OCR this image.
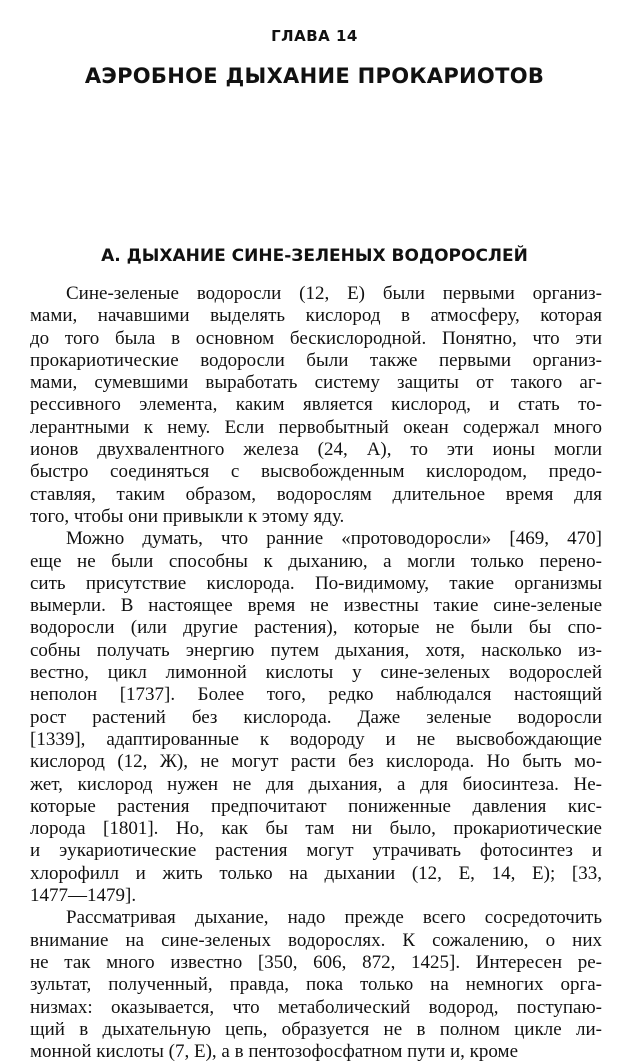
ГЛАВА 14
АЭРОБНОЕ ДЫХАНИЕ ПРОКАРИОТОВ
А. ДЫХАНИЕ СИНЕ-ЗЕЛЕНЫХ ВОДОРОСЛЕЙ
Сине-зеленые водоросли (12, Е) были первыми организ-
мами, начавшими выделять кислород в атмосферу, которая
до того была в основном бескислородной. Понятно, что эти
прокариотические водоросли были также первыми организ-
мами, сумевшими выработать систему защиты от такого аг-
рессивного элемента, каким является кислород, и стать то-
лерантными к нему. Если первобытный океан содержал много
ионов двухвалентного железа (24, А), то эти ионы могли
быстро соединяться с высвобожденным кислородом, предо-
ставляя, таким образом, водорослям длительное время для
того, чтобы они привыкли к этому яду.
Можно думать, что ранние «протоводоросли» [469, 470]
еще не были способны к дыханию, а могли только перено-
сить присутствие кислорода. По-видимому, такие организмы
вымерли. В настоящее время не известны такие сине-зеленые
водоросли (или другие растения), которые не были бы спо-
собны получать энергию путем дыхания, хотя, насколько из-
вестно, цикл лимонной кислоты у сине-зеленых водорослей
неполон [1737]. Более того, редко наблюдался настоящий
рост растений без кислорода. Даже зеленые водоросли
[1339], адаптированные к водороду и не высвобождающие
кислород (12, Ж), не могут расти без кислорода. Но быть мо-
жет, кислород нужен не для дыхания, а для биосинтеза. Не-
которые растения предпочитают пониженные давления кис-
лорода [1801]. Но, как бы там ни было, прокариотические
и эукариотические растения могут утрачивать фотосинтез и
хлорофилл и жить только на дыхании (12, Е, 14, Е); [33,
1477—1479].
Рассматривая дыхание, надо прежде всего сосредоточить
внимание на сине-зеленых водорослях. К сожалению, о них
не так много известно [350, 606, 872, 1425]. Интересен ре-
зультат, полученный, правда, пока только на немногих орга-
низмах: оказывается, что метаболический водород, поступаю-
щий в дыхательную цепь, образуется не в полном цикле ли-
монной кислоты (7, Е), а в пентозофосфатном пути и, кроме
